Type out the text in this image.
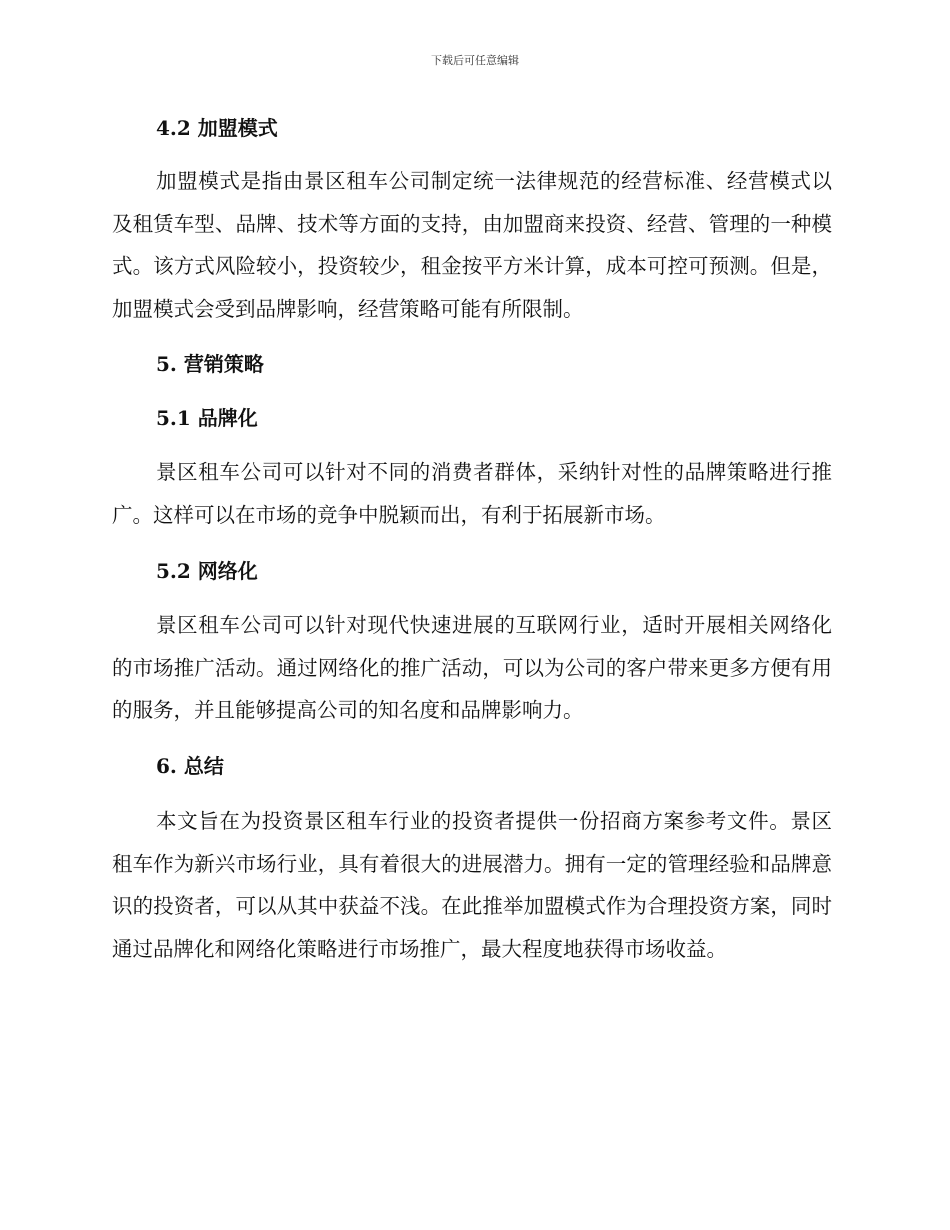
下载后可任意编辑
4.2 加盟模式
加盟模式是指由景区租车公司制定统一法律规范的经营标准、经营模式以及租赁车型、品牌、技术等方面的支持，由加盟商来投资、经营、管理的一种模式。该方式风险较小，投资较少，租金按平方米计算，成本可控可预测。但是，加盟模式会受到品牌影响，经营策略可能有所限制。
5. 营销策略
5.1 品牌化
景区租车公司可以针对不同的消费者群体，采纳针对性的品牌策略进行推广。这样可以在市场的竞争中脱颖而出，有利于拓展新市场。
5.2 网络化
景区租车公司可以针对现代快速进展的互联网行业，适时开展相关网络化的市场推广活动。通过网络化的推广活动，可以为公司的客户带来更多方便有用的服务，并且能够提高公司的知名度和品牌影响力。
6. 总结
本文旨在为投资景区租车行业的投资者提供一份招商方案参考文件。景区租车作为新兴市场行业，具有着很大的进展潜力。拥有一定的管理经验和品牌意识的投资者，可以从其中获益不浅。在此推举加盟模式作为合理投资方案，同时通过品牌化和网络化策略进行市场推广，最大程度地获得市场收益。
